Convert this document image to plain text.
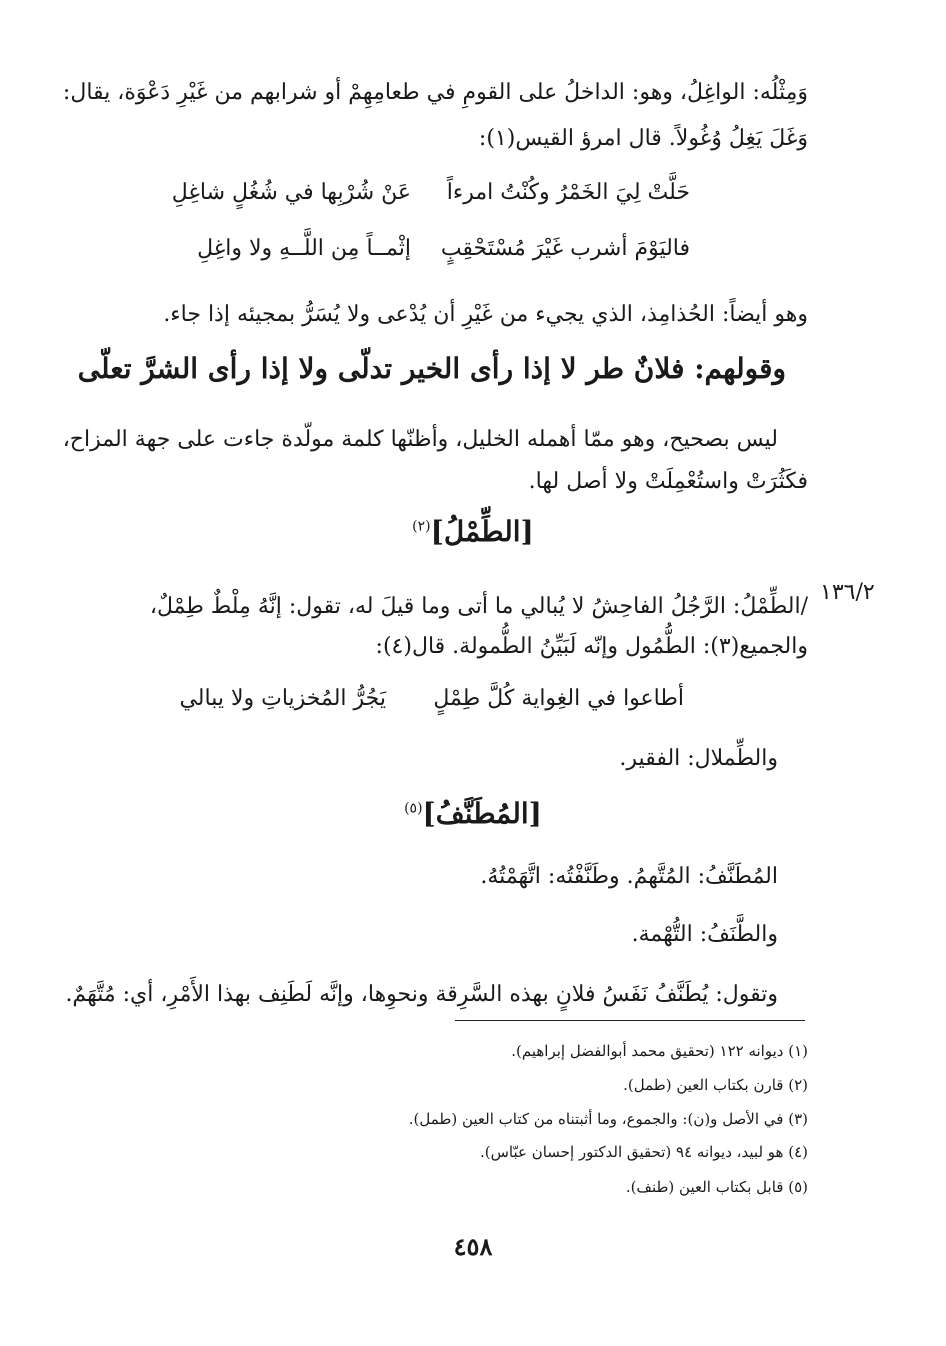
وَمِثْلُه: الواغِلُ، وهو: الداخلُ على القومِ في طعامِهِمْ أو شرابهم من غَيْرِ دَعْوَة، يقال:
وَغَلَ يَغِلُ وُغُولاً. قال امرؤ القيس(١):
حَلَّتْ لِيَ الخَمْرُ وكُنْتُ امرءاً
عَنْ شُرْبِها في شُغُلٍ شاغِلِ
فاليَوْمَ أشرب غَيْرَ مُسْتَحْقِبٍ
إثْمــاً مِن اللَّــهِ ولا واغِلِ
وهو أيضاً: الحُذامِذ، الذي يجيء من غَيْرِ أن يُدْعى ولا يُسَرُّ بمجيئه إذا جاء.
وقولهم: فلانٌ طر لا إذا رأى الخير تدلّى ولا إذا رأى الشرَّ تعلّى
ليس بصحيح، وهو ممّا أهمله الخليل، وأظنّها كلمة مولّدة جاءت على جهة المزاح،
فكَثُرَتْ واستُعْمِلَتْ ولا أصل لها.
[الطِّمْلُ]$^{(٢)}$
١٣٦/٢
/الطِّمْلُ: الرَّجُلُ الفاحِشُ لا يُبالي ما أتى وما قيلَ له، تقول: إنَّهُ مِلْطٌ طِمْلٌ،
والجميع(٣): الطُّمُول وإنّه لَبَيِّنُ الطُّمولة. قال(٤):
أطاعوا في الغِواية كُلَّ طِمْلٍ
يَجُرُّ المُخزياتِ ولا يبالي
والطِّملال: الفقير.
[المُطَنَّفُ]$^{(٥)}$
المُطَنَّفُ: المُتَّهمُ. وطَنَّفْتُه: اتَّهَمْتُهُ.
والطَّنَفُ: التُّهْمة.
وتقول: يُطَنَّفُ نَفَسُ فلانٍ بهذه السَّرِقة ونحوِها، وإنَّه لَطَنِف بهذا الأَمْرِ، أي: مُتَّهَمٌ.
(١) ديوانه ١٢٢ (تحقيق محمد أبوالفضل إبراهيم).
(٢) قارن بكتاب العين (طمل).
(٣) في الأصل و(ن): والجموع، وما أثبتناه من كتاب العين (طمل).
(٤) هو لبيد، ديوانه ٩٤ (تحقيق الدكتور إحسان عبّاس).
(٥) قابل بكتاب العين (طنف).
٤٥٨
